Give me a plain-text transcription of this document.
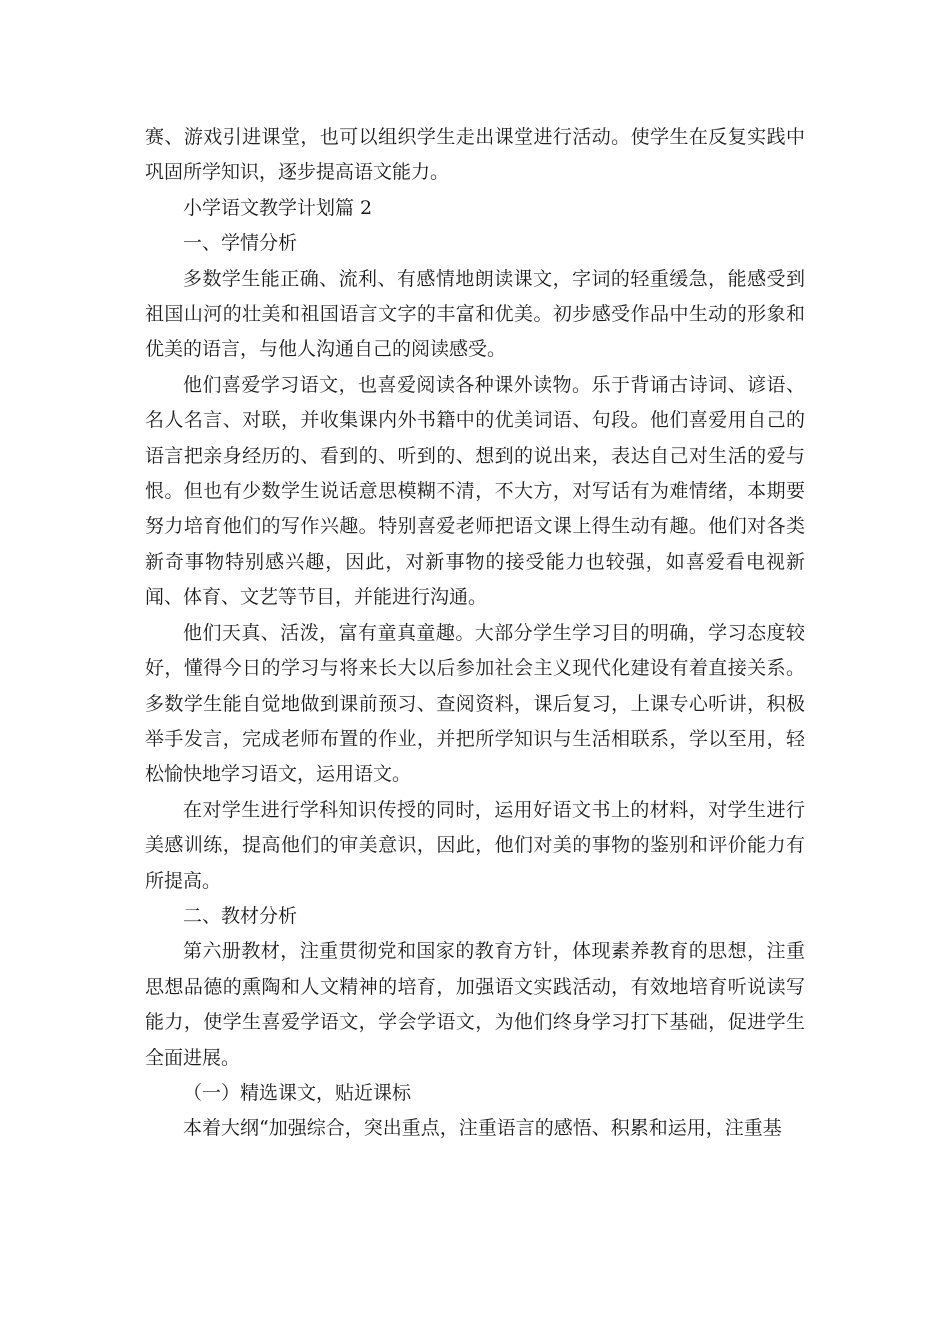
赛、游戏引进课堂，也可以组织学生走出课堂进行活动。使学生在反复实践中巩固所学知识，逐步提高语文能力。

小学语文教学计划篇 2

一、学情分析

多数学生能正确、流利、有感情地朗读课文，字词的轻重缓急，能感受到祖国山河的壮美和祖国语言文字的丰富和优美。初步感受作品中生动的形象和优美的语言，与他人沟通自己的阅读感受。

他们喜爱学习语文，也喜爱阅读各种课外读物。乐于背诵古诗词、谚语、名人名言、对联，并收集课内外书籍中的优美词语、句段。他们喜爱用自己的语言把亲身经历的、看到的、听到的、想到的说出来，表达自己对生活的爱与恨。但也有少数学生说话意思模糊不清，不大方，对写话有为难情绪，本期要努力培育他们的写作兴趣。特别喜爱老师把语文课上得生动有趣。他们对各类新奇事物特别感兴趣，因此，对新事物的接受能力也较强，如喜爱看电视新闻、体育、文艺等节目，并能进行沟通。

他们天真、活泼，富有童真童趣。大部分学生学习目的明确，学习态度较好，懂得今日的学习与将来长大以后参加社会主义现代化建设有着直接关系。多数学生能自觉地做到课前预习、查阅资料，课后复习，上课专心听讲，积极举手发言，完成老师布置的作业，并把所学知识与生活相联系，学以至用，轻松愉快地学习语文，运用语文。

在对学生进行学科知识传授的同时，运用好语文书上的材料，对学生进行美感训练，提高他们的审美意识，因此，他们对美的事物的鉴别和评价能力有所提高。

二、教材分析

第六册教材，注重贯彻党和国家的教育方针，体现素养教育的思想，注重思想品德的熏陶和人文精神的培育，加强语文实践活动，有效地培育听说读写能力，使学生喜爱学语文，学会学语文，为他们终身学习打下基础，促进学生全面进展。

（一）精选课文，贴近课标

本着大纲“加强综合，突出重点，注重语言的感悟、积累和运用，注重基
